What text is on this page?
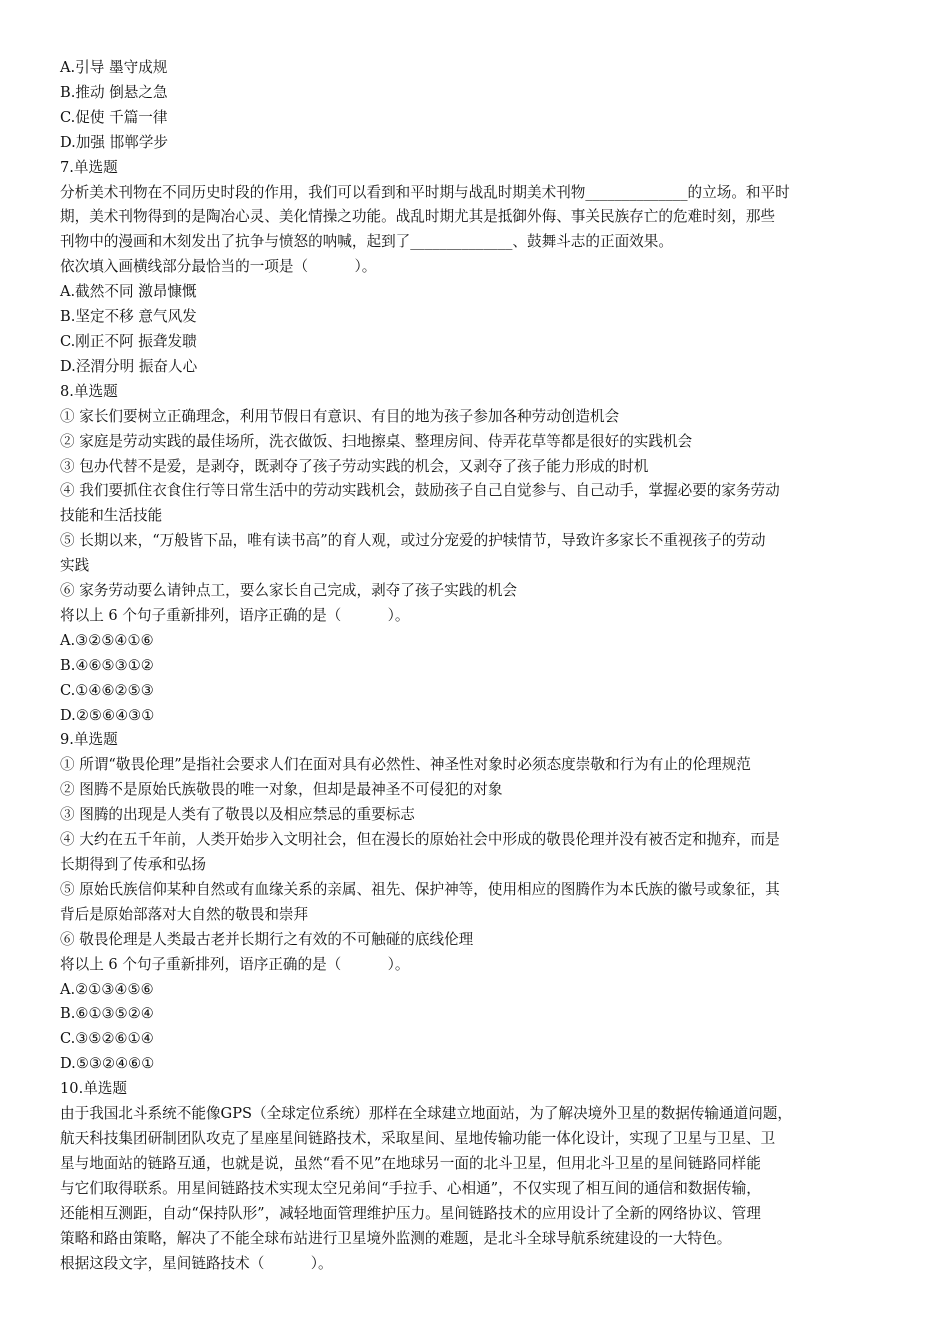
A.引导 墨守成规
B.推动 倒悬之急
C.促使 千篇一律
D.加强 邯郸学步
7.单选题
分析美术刊物在不同历史时段的作用，我们可以看到和平时期与战乱时期美术刊物______________的立场。和平时
期，美术刊物得到的是陶冶心灵、美化情操之功能。战乱时期尤其是抵御外侮、事关民族存亡的危难时刻，那些
刊物中的漫画和木刻发出了抗争与愤怒的呐喊，起到了______________、鼓舞斗志的正面效果。
依次填入画横线部分最恰当的一项是（          ）。
A.截然不同 激昂慷慨
B.坚定不移 意气风发
C.刚正不阿 振聋发聩
D.泾渭分明 振奋人心
8.单选题
① 家长们要树立正确理念，利用节假日有意识、有目的地为孩子参加各种劳动创造机会
② 家庭是劳动实践的最佳场所，洗衣做饭、扫地擦桌、整理房间、侍弄花草等都是很好的实践机会
③ 包办代替不是爱，是剥夺，既剥夺了孩子劳动实践的机会，又剥夺了孩子能力形成的时机
④ 我们要抓住衣食住行等日常生活中的劳动实践机会，鼓励孩子自己自觉参与、自己动手，掌握必要的家务劳动
技能和生活技能
⑤ 长期以来，“万般皆下品，唯有读书高”的育人观，或过分宠爱的护犊情节，导致许多家长不重视孩子的劳动
实践
⑥ 家务劳动要么请钟点工，要么家长自己完成，剥夺了孩子实践的机会
将以上 6 个句子重新排列，语序正确的是（          ）。
A.③②⑤④①⑥
B.④⑥⑤③①②
C.①④⑥②⑤③
D.②⑤⑥④③①
9.单选题
① 所谓“敬畏伦理”是指社会要求人们在面对具有必然性、神圣性对象时必须态度崇敬和行为有止的伦理规范
② 图腾不是原始氏族敬畏的唯一对象，但却是最神圣不可侵犯的对象
③ 图腾的出现是人类有了敬畏以及相应禁忌的重要标志
④ 大约在五千年前，人类开始步入文明社会，但在漫长的原始社会中形成的敬畏伦理并没有被否定和抛弃，而是
长期得到了传承和弘扬
⑤ 原始氏族信仰某种自然或有血缘关系的亲属、祖先、保护神等，使用相应的图腾作为本氏族的徽号或象征，其
背后是原始部落对大自然的敬畏和崇拜
⑥ 敬畏伦理是人类最古老并长期行之有效的不可触碰的底线伦理
将以上 6 个句子重新排列，语序正确的是（          ）。
A.②①③④⑤⑥
B.⑥①③⑤②④
C.③⑤②⑥①④
D.⑤③②④⑥①
10.单选题
由于我国北斗系统不能像GPS（全球定位系统）那样在全球建立地面站，为了解决境外卫星的数据传输通道问题，
航天科技集团研制团队攻克了星座星间链路技术，采取星间、星地传输功能一体化设计，实现了卫星与卫星、卫
星与地面站的链路互通，也就是说，虽然“看不见”在地球另一面的北斗卫星，但用北斗卫星的星间链路同样能
与它们取得联系。用星间链路技术实现太空兄弟间“手拉手、心相通”，不仅实现了相互间的通信和数据传输，
还能相互测距，自动“保持队形”，减轻地面管理维护压力。星间链路技术的应用设计了全新的网络协议、管理
策略和路由策略，解决了不能全球布站进行卫星境外监测的难题，是北斗全球导航系统建设的一大特色。
根据这段文字，星间链路技术（          ）。
